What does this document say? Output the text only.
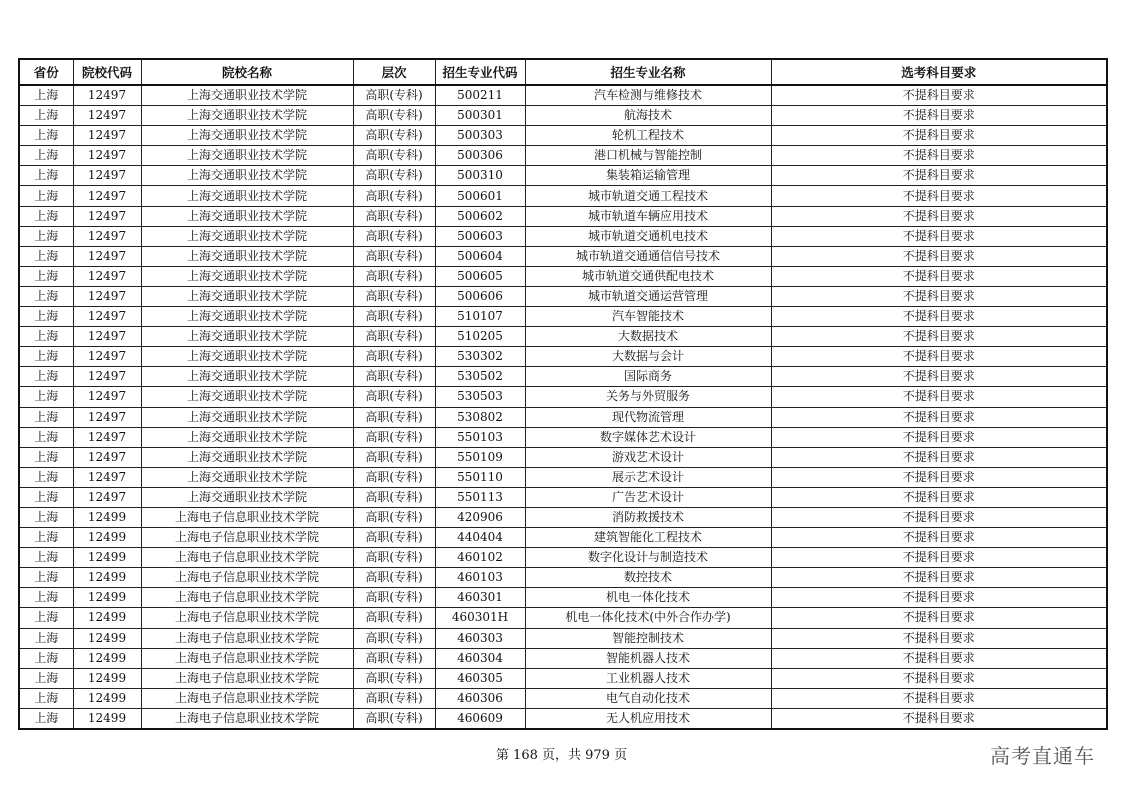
省份	院校代码	院校名称	层次	招生专业代码	招生专业名称	选考科目要求
上海	12497	上海交通职业技术学院	高职(专科)	500211	汽车检测与维修技术	不提科目要求
上海	12497	上海交通职业技术学院	高职(专科)	500301	航海技术	不提科目要求
上海	12497	上海交通职业技术学院	高职(专科)	500303	轮机工程技术	不提科目要求
上海	12497	上海交通职业技术学院	高职(专科)	500306	港口机械与智能控制	不提科目要求
上海	12497	上海交通职业技术学院	高职(专科)	500310	集装箱运输管理	不提科目要求
上海	12497	上海交通职业技术学院	高职(专科)	500601	城市轨道交通工程技术	不提科目要求
上海	12497	上海交通职业技术学院	高职(专科)	500602	城市轨道车辆应用技术	不提科目要求
上海	12497	上海交通职业技术学院	高职(专科)	500603	城市轨道交通机电技术	不提科目要求
上海	12497	上海交通职业技术学院	高职(专科)	500604	城市轨道交通通信信号技术	不提科目要求
上海	12497	上海交通职业技术学院	高职(专科)	500605	城市轨道交通供配电技术	不提科目要求
上海	12497	上海交通职业技术学院	高职(专科)	500606	城市轨道交通运营管理	不提科目要求
上海	12497	上海交通职业技术学院	高职(专科)	510107	汽车智能技术	不提科目要求
上海	12497	上海交通职业技术学院	高职(专科)	510205	大数据技术	不提科目要求
上海	12497	上海交通职业技术学院	高职(专科)	530302	大数据与会计	不提科目要求
上海	12497	上海交通职业技术学院	高职(专科)	530502	国际商务	不提科目要求
上海	12497	上海交通职业技术学院	高职(专科)	530503	关务与外贸服务	不提科目要求
上海	12497	上海交通职业技术学院	高职(专科)	530802	现代物流管理	不提科目要求
上海	12497	上海交通职业技术学院	高职(专科)	550103	数字媒体艺术设计	不提科目要求
上海	12497	上海交通职业技术学院	高职(专科)	550109	游戏艺术设计	不提科目要求
上海	12497	上海交通职业技术学院	高职(专科)	550110	展示艺术设计	不提科目要求
上海	12497	上海交通职业技术学院	高职(专科)	550113	广告艺术设计	不提科目要求
上海	12499	上海电子信息职业技术学院	高职(专科)	420906	消防救援技术	不提科目要求
上海	12499	上海电子信息职业技术学院	高职(专科)	440404	建筑智能化工程技术	不提科目要求
上海	12499	上海电子信息职业技术学院	高职(专科)	460102	数字化设计与制造技术	不提科目要求
上海	12499	上海电子信息职业技术学院	高职(专科)	460103	数控技术	不提科目要求
上海	12499	上海电子信息职业技术学院	高职(专科)	460301	机电一体化技术	不提科目要求
上海	12499	上海电子信息职业技术学院	高职(专科)	460301H	机电一体化技术(中外合作办学)	不提科目要求
上海	12499	上海电子信息职业技术学院	高职(专科)	460303	智能控制技术	不提科目要求
上海	12499	上海电子信息职业技术学院	高职(专科)	460304	智能机器人技术	不提科目要求
上海	12499	上海电子信息职业技术学院	高职(专科)	460305	工业机器人技术	不提科目要求
上海	12499	上海电子信息职业技术学院	高职(专科)	460306	电气自动化技术	不提科目要求
上海	12499	上海电子信息职业技术学院	高职(专科)	460609	无人机应用技术	不提科目要求
第 168 页，共 979 页	高考直通车
